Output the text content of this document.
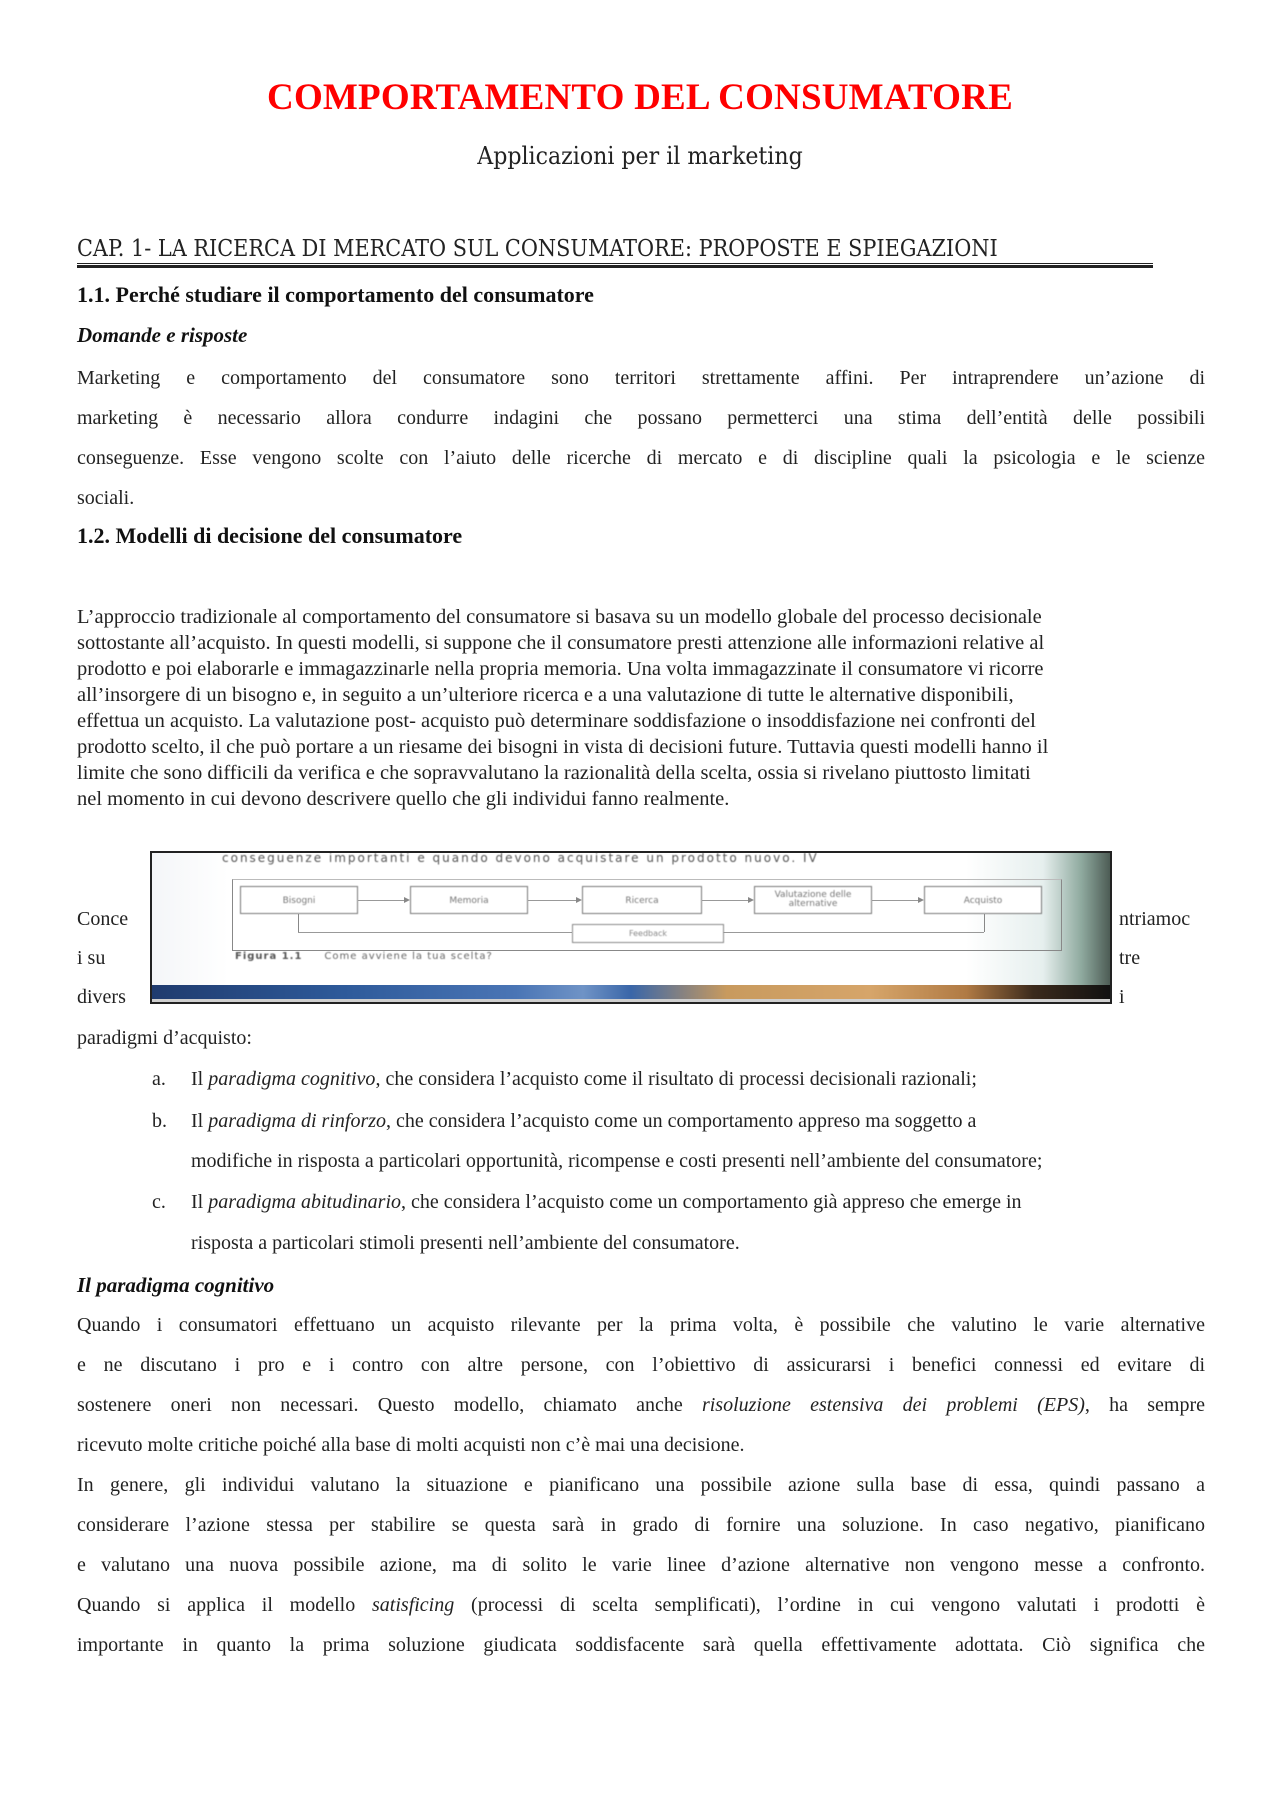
COMPORTAMENTO DEL CONSUMATORE
Applicazioni per il marketing
CAP. 1- LA RICERCA DI MERCATO SUL CONSUMATORE: PROPOSTE E SPIEGAZIONI
1.1. Perché studiare il comportamento del consumatore
Domande e risposte
Marketing e comportamento del consumatore sono territori strettamente affini. Per intraprendere un’azione di
marketing è necessario allora condurre indagini che possano permetterci una stima dell’entità delle possibili
conseguenze. Esse vengono scolte con l’aiuto delle ricerche di mercato e di discipline quali la psicologia e le scienze
sociali.
1.2. Modelli di decisione del consumatore
L’approccio tradizionale al comportamento del consumatore si basava su un modello globale del processo decisionale
sottostante all’acquisto. In questi modelli, si suppone che il consumatore presti attenzione alle informazioni relative al
prodotto e poi elaborarle e immagazzinarle nella propria memoria. Una volta immagazzinate il consumatore vi ricorre
all’insorgere di un bisogno e, in seguito a un’ulteriore ricerca e a una valutazione di tutte le alternative disponibili,
effettua un acquisto. La valutazione post- acquisto può determinare soddisfazione o insoddisfazione nei confronti del
prodotto scelto, il che può portare a un riesame dei bisogni in vista di decisioni future. Tuttavia questi modelli hanno il
limite che sono difficili da verifica e che sopravvalutano la razionalità della scelta, ossia si rivelano piuttosto limitati
nel momento in cui devono descrivere quello che gli individui fanno realmente.
conseguenze importanti e quando devono acquistare un prodotto nuovo. IV
Bisogni	Memoria	Ricerca
Valutazione delle alternative	Acquisto
Feedback
Figura 1.1 Come avviene la tua scelta?
Conce
i su
divers
ntriamoc
tre
i
paradigmi d’acquisto:
a. Il paradigma cognitivo, che considera l’acquisto come il risultato di processi decisionali razionali;
b. Il paradigma di rinforzo, che considera l’acquisto come un comportamento appreso ma soggetto a
modifiche in risposta a particolari opportunità, ricompense e costi presenti nell’ambiente del consumatore;
c. Il paradigma abitudinario, che considera l’acquisto come un comportamento già appreso che emerge in
risposta a particolari stimoli presenti nell’ambiente del consumatore.
Il paradigma cognitivo
Quando i consumatori effettuano un acquisto rilevante per la prima volta, è possibile che valutino le varie alternative
e ne discutano i pro e i contro con altre persone, con l’obiettivo di assicurarsi i benefici connessi ed evitare di
sostenere oneri non necessari. Questo modello, chiamato anche risoluzione estensiva dei problemi (EPS), ha sempre
ricevuto molte critiche poiché alla base di molti acquisti non c’è mai una decisione.
In genere, gli individui valutano la situazione e pianificano una possibile azione sulla base di essa, quindi passano a
considerare l’azione stessa per stabilire se questa sarà in grado di fornire una soluzione. In caso negativo, pianificano
e valutano una nuova possibile azione, ma di solito le varie linee d’azione alternative non vengono messe a confronto.
Quando si applica il modello satisficing (processi di scelta semplificati), l’ordine in cui vengono valutati i prodotti è
importante in quanto la prima soluzione giudicata soddisfacente sarà quella effettivamente adottata. Ciò significa che
